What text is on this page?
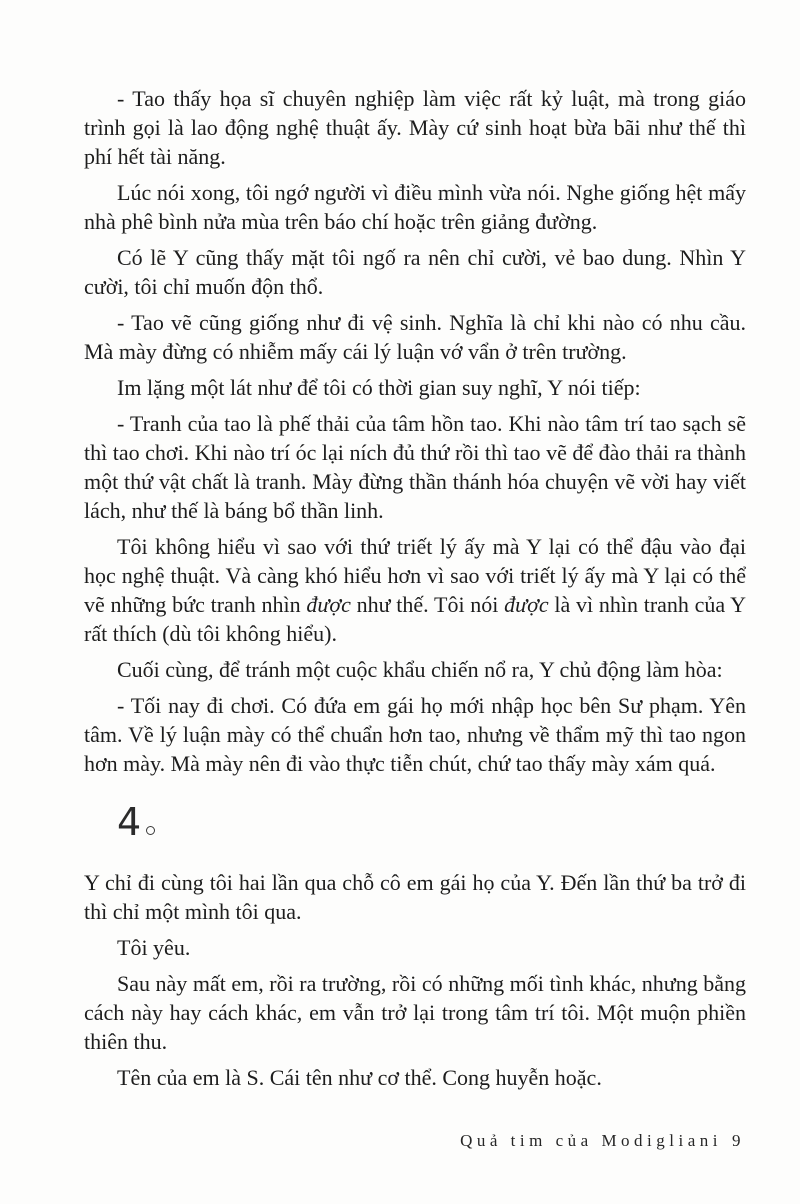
- Tao thấy họa sĩ chuyên nghiệp làm việc rất kỷ luật, mà trong giáo trình gọi là lao động nghệ thuật ấy. Mày cứ sinh hoạt bừa bãi như thế thì phí hết tài năng.

Lúc nói xong, tôi ngớ người vì điều mình vừa nói. Nghe giống hệt mấy nhà phê bình nửa mùa trên báo chí hoặc trên giảng đường.

Có lẽ Y cũng thấy mặt tôi ngố ra nên chỉ cười, vẻ bao dung. Nhìn Y cười, tôi chỉ muốn độn thổ.

- Tao vẽ cũng giống như đi vệ sinh. Nghĩa là chỉ khi nào có nhu cầu. Mà mày đừng có nhiễm mấy cái lý luận vớ vẩn ở trên trường.

Im lặng một lát như để tôi có thời gian suy nghĩ, Y nói tiếp:

- Tranh của tao là phế thải của tâm hồn tao. Khi nào tâm trí tao sạch sẽ thì tao chơi. Khi nào trí óc lại ních đủ thứ rồi thì tao vẽ để đào thải ra thành một thứ vật chất là tranh. Mày đừng thần thánh hóa chuyện vẽ vời hay viết lách, như thế là báng bổ thần linh.

Tôi không hiểu vì sao với thứ triết lý ấy mà Y lại có thể đậu vào đại học nghệ thuật. Và càng khó hiểu hơn vì sao với triết lý ấy mà Y lại có thể vẽ những bức tranh nhìn được như thế. Tôi nói được là vì nhìn tranh của Y rất thích (dù tôi không hiểu).

Cuối cùng, để tránh một cuộc khẩu chiến nổ ra, Y chủ động làm hòa:

- Tối nay đi chơi. Có đứa em gái họ mới nhập học bên Sư phạm. Yên tâm. Về lý luận mày có thể chuẩn hơn tao, nhưng về thẩm mỹ thì tao ngon hơn mày. Mà mày nên đi vào thực tiễn chút, chứ tao thấy mày xám quá.

4

Y chỉ đi cùng tôi hai lần qua chỗ cô em gái họ của Y. Đến lần thứ ba trở đi thì chỉ một mình tôi qua.

Tôi yêu.

Sau này mất em, rồi ra trường, rồi có những mối tình khác, nhưng bằng cách này hay cách khác, em vẫn trở lại trong tâm trí tôi. Một muộn phiền thiên thu.

Tên của em là S. Cái tên như cơ thể. Cong huyễn hoặc.

Quả tim của Modigliani 9
